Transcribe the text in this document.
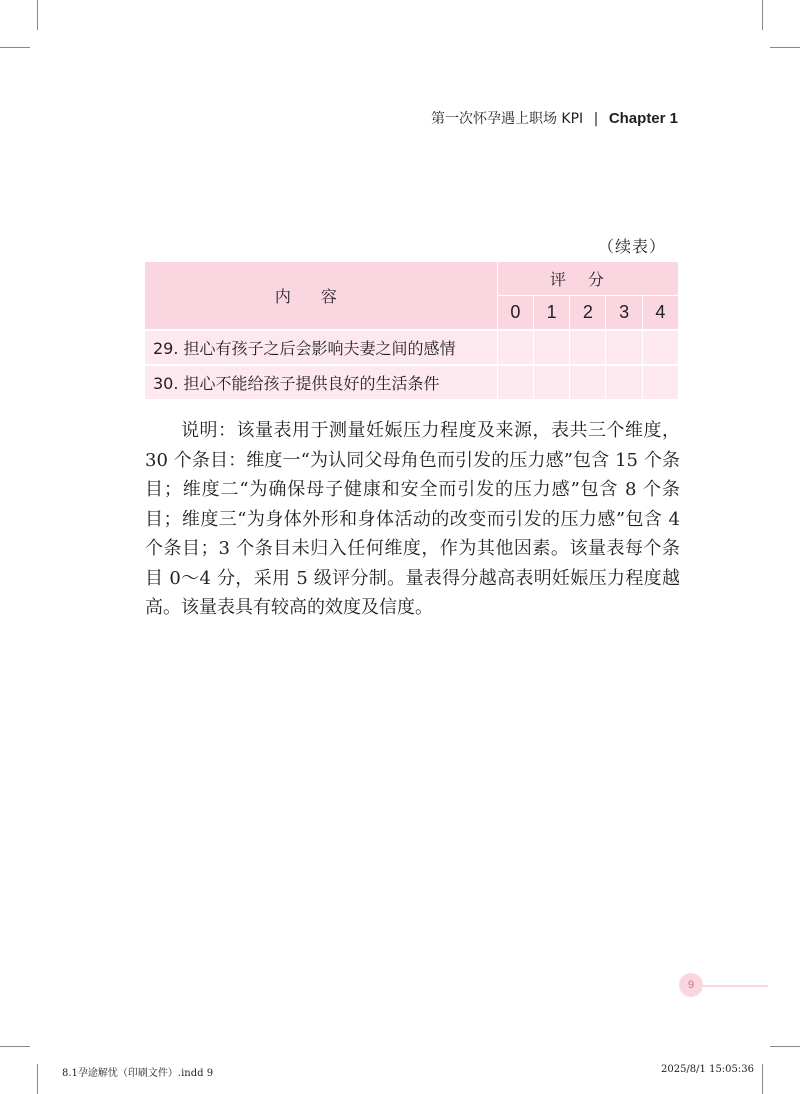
第一次怀孕遇上职场 KPI | Chapter 1
（续表）
内容	评分				
	0	1	2	3	4
29. 担心有孩子之后会影响夫妻之间的感情					
30. 担心不能给孩子提供良好的生活条件					

说明：该量表用于测量妊娠压力程度及来源，表共三个维度，30 个条目：维度一“为认同父母角色而引发的压力感”包含 15 个条目；维度二“为确保母子健康和安全而引发的压力感”包含 8 个条目；维度三“为身体外形和身体活动的改变而引发的压力感”包含 4 个条目；3 个条目未归入任何维度，作为其他因素。该量表每个条目 0～4 分，采用 5 级评分制。量表得分越高表明妊娠压力程度越高。该量表具有较高的效度及信度。

9
8.1孕途解忧（印刷文件）.indd 9	2025/8/1 15:05:36
